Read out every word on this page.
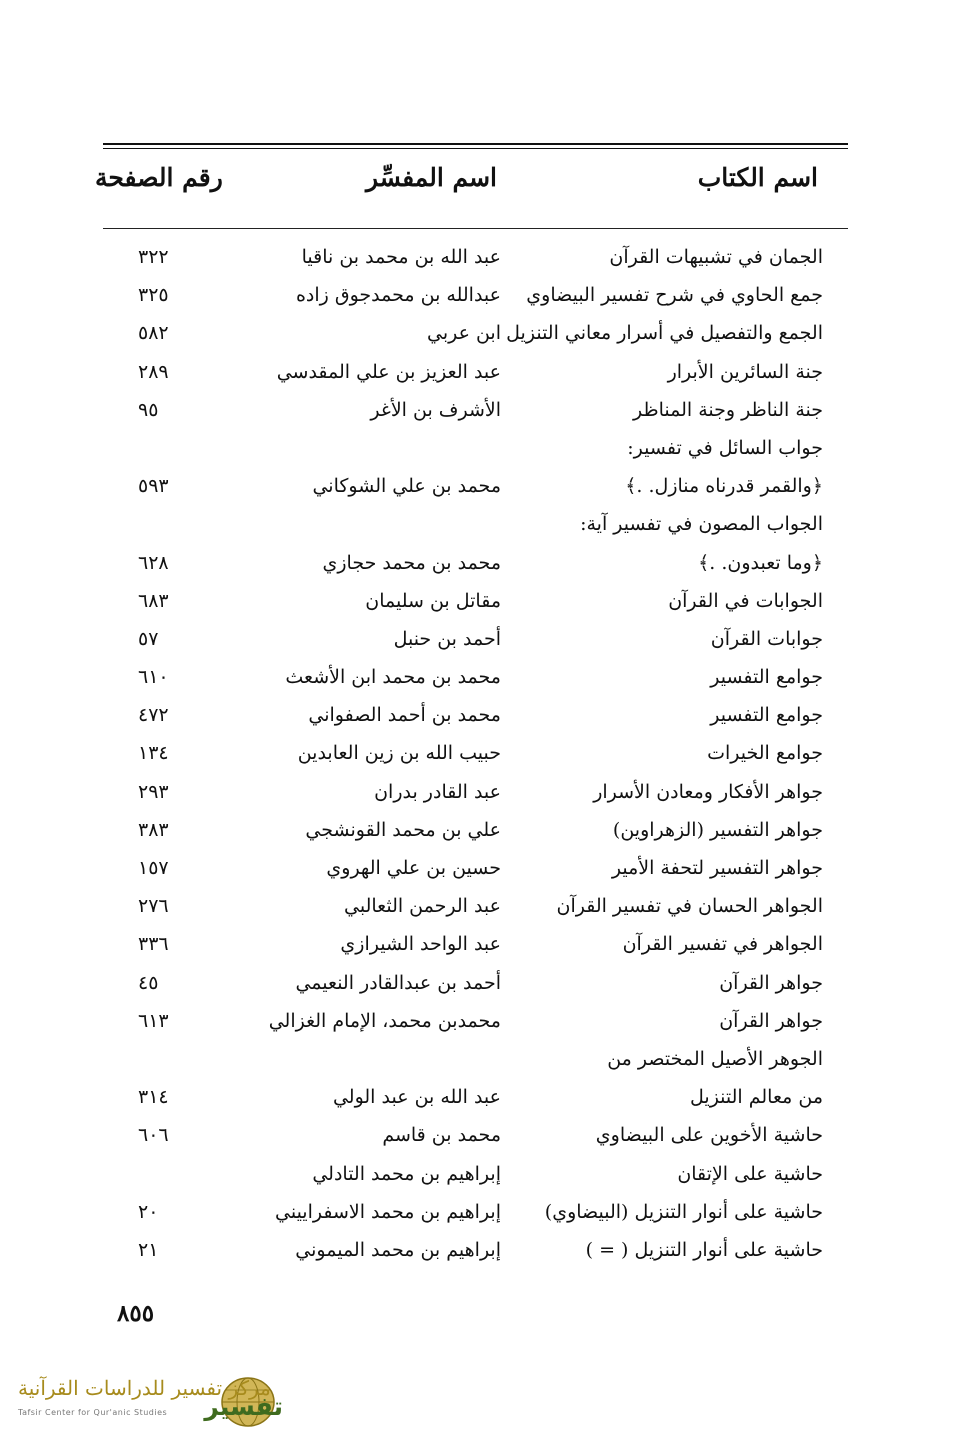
اسم الكتاب
اسم المفسِّر
رقم الصفحة
الجمان في تشبيهات القرآن
عبد الله بن محمد بن ناقيا
٣٢٢
جمع الحاوي في شرح تفسير البيضاوي
عبدالله بن محمدجوق زاده
٣٢٥
الجمع والتفصيل في أسرار معاني التنزيل
ابن عربي
٥٨٢
جنة السائرين الأبرار
عبد العزيز بن علي المقدسي
٢٨٩
جنة الناظر وجنة المناظر
الأشرف بن الأغر
٩٥
جواب السائل في تفسير:
﴿والقمر قدرناه منازل. .﴾
محمد بن علي الشوكاني
٥٩٣
الجواب المصون في تفسير آية:
﴿وما تعبدون. .﴾
محمد بن محمد حجازي
٦٢٨
الجوابات في القرآن
مقاتل بن سليمان
٦٨٣
جوابات القرآن
أحمد بن حنبل
٥٧
جوامع التفسير
محمد بن محمد ابن الأشعث
٦١٠
جوامع التفسير
محمد بن أحمد الصفواني
٤٧٢
جوامع الخيرات
حبيب الله بن زين العابدين
١٣٤
جواهر الأفكار ومعادن الأسرار
عبد القادر بدران
٢٩٣
جواهر التفسير (الزهراوين)
علي بن محمد القونشجي
٣٨٣
جواهر التفسير لتحفة الأمير
حسين بن علي الهروي
١٥٧
الجواهر الحسان في تفسير القرآن
عبد الرحمن الثعالبي
٢٧٦
الجواهر في تفسير القرآن
عبد الواحد الشيرازي
٣٣٦
جواهر القرآن
أحمد بن عبدالقادر النعيمي
٤٥
جواهر القرآن
محمدبن محمد، الإمام الغزالي
٦١٣
الجوهر الأصيل المختصر من
من معالم التنزيل
عبد الله بن عبد الولي
٣١٤
حاشية الأخوين على البيضاوي
محمد بن قاسم
٦٠٦
حاشية على الإتقان
إبراهيم بن محمد التادلي
حاشية على أنوار التنزيل (البيضاوي)
إبراهيم بن محمد الاسفراييني
٢٠
حاشية على أنوار التنزيل ( = )
إبراهيم بن محمد الميموني
٢١
٨٥٥
تفسير
مركز تفسير للدراسات القرآنية
Tafsir Center for Qur'anic Studies
